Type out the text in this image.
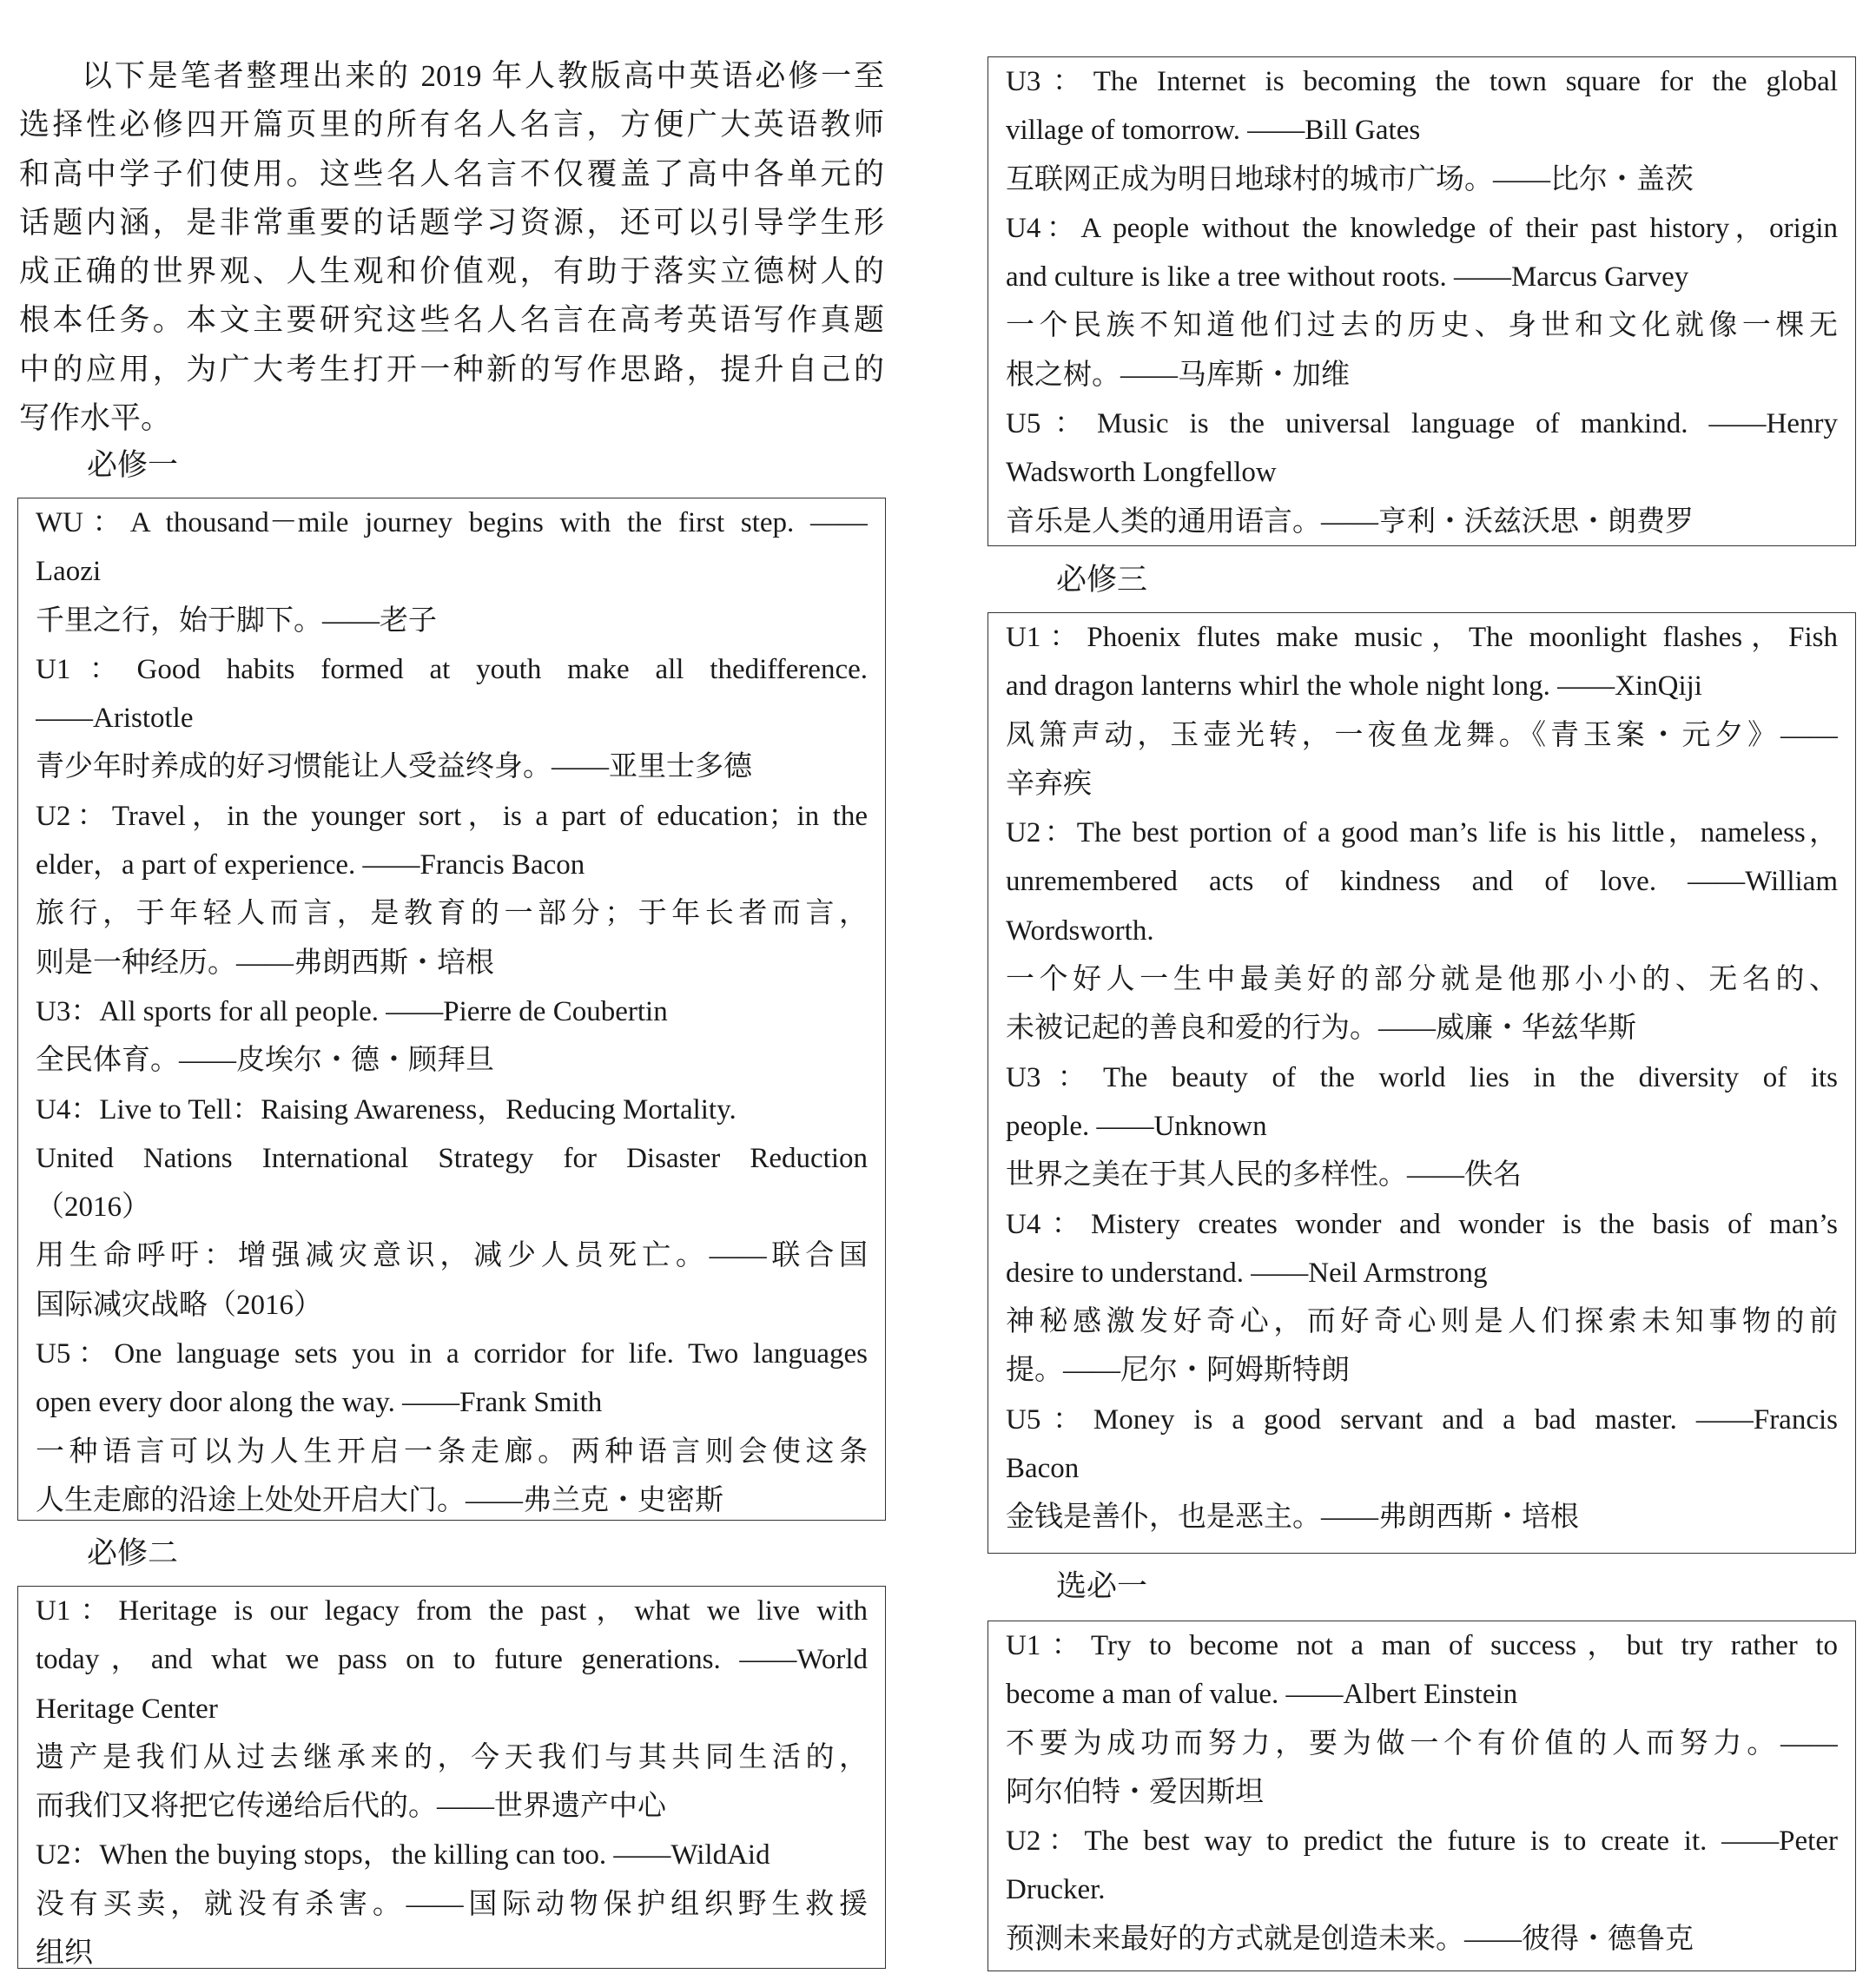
以下是笔者整理出来的 2019 年人教版高中英语必修一至
选择性必修四开篇页里的所有名人名言，方便广大英语教师
和高中学子们使用。这些名人名言不仅覆盖了高中各单元的
话题内涵，是非常重要的话题学习资源，还可以引导学生形
成正确的世界观、人生观和价值观，有助于落实立德树人的
根本任务。本文主要研究这些名人名言在高考英语写作真题
中的应用，为广大考生打开一种新的写作思路，提升自己的
写作水平。
必修一
WU：A thousand－mile journey begins with the first step. ——
Laozi
千里之行，始于脚下。——老子
U1：Good habits formed at youth make all thedifference.
——Aristotle
青少年时养成的好习惯能让人受益终身。——亚里士多德
U2：Travel，in the younger sort，is a part of education；in the
elder，a part of experience. ——Francis Bacon
旅行，于年轻人而言，是教育的一部分；于年长者而言，
则是一种经历。——弗朗西斯・培根
U3：All sports for all people. ——Pierre de Coubertin
全民体育。——皮埃尔・德・顾拜旦
U4：Live to Tell：Raising Awareness，Reducing Mortality.
United Nations International Strategy for Disaster Reduction
（2016）
用生命呼吁：增强减灾意识，减少人员死亡。——联合国
国际减灾战略（2016）
U5：One language sets you in a corridor for life. Two languages
open every door along the way. ——Frank Smith
一种语言可以为人生开启一条走廊。两种语言则会使这条
人生走廊的沿途上处处开启大门。——弗兰克・史密斯
必修二
U1：Heritage is our legacy from the past，what we live with
today，and what we pass on to future generations. ——World
Heritage Center
遗产是我们从过去继承来的，今天我们与其共同生活的，
而我们又将把它传递给后代的。——世界遗产中心
U2：When the buying stops，the killing can too. ——WildAid
没有买卖，就没有杀害。——国际动物保护组织野生救援
组织
U3：The Internet is becoming the town square for the global
village of tomorrow. ——Bill Gates
互联网正成为明日地球村的城市广场。——比尔・盖茨
U4：A people without the knowledge of their past history，origin
and culture is like a tree without roots. ——Marcus Garvey
一个民族不知道他们过去的历史、身世和文化就像一棵无
根之树。——马库斯・加维
U5：Music is the universal language of mankind. ——Henry
Wadsworth Longfellow
音乐是人类的通用语言。——亨利・沃兹沃思・朗费罗
必修三
U1：Phoenix flutes make music，The moonlight flashes，Fish
and dragon lanterns whirl the whole night long. ——XinQiji
凤箫声动，玉壶光转，一夜鱼龙舞。《青玉案・元夕》——
辛弃疾
U2：The best portion of a good man’s life is his little，nameless，
unremembered acts of kindness and of love. ——William
Wordsworth.
一个好人一生中最美好的部分就是他那小小的、无名的、
未被记起的善良和爱的行为。——威廉・华兹华斯
U3：The beauty of the world lies in the diversity of its
people. ——Unknown
世界之美在于其人民的多样性。——佚名
U4：Mistery creates wonder and wonder is the basis of man’s
desire to understand. ——Neil Armstrong
神秘感激发好奇心，而好奇心则是人们探索未知事物的前
提。——尼尔・阿姆斯特朗
U5：Money is a good servant and a bad master. ——Francis
Bacon
金钱是善仆，也是恶主。——弗朗西斯・培根
选必一
U1：Try to become not a man of success，but try rather to
become a man of value. ——Albert Einstein
不要为成功而努力，要为做一个有价值的人而努力。——
阿尔伯特・爱因斯坦
U2：The best way to predict the future is to create it. ——Peter
Drucker.
预测未来最好的方式就是创造未来。——彼得・德鲁克
